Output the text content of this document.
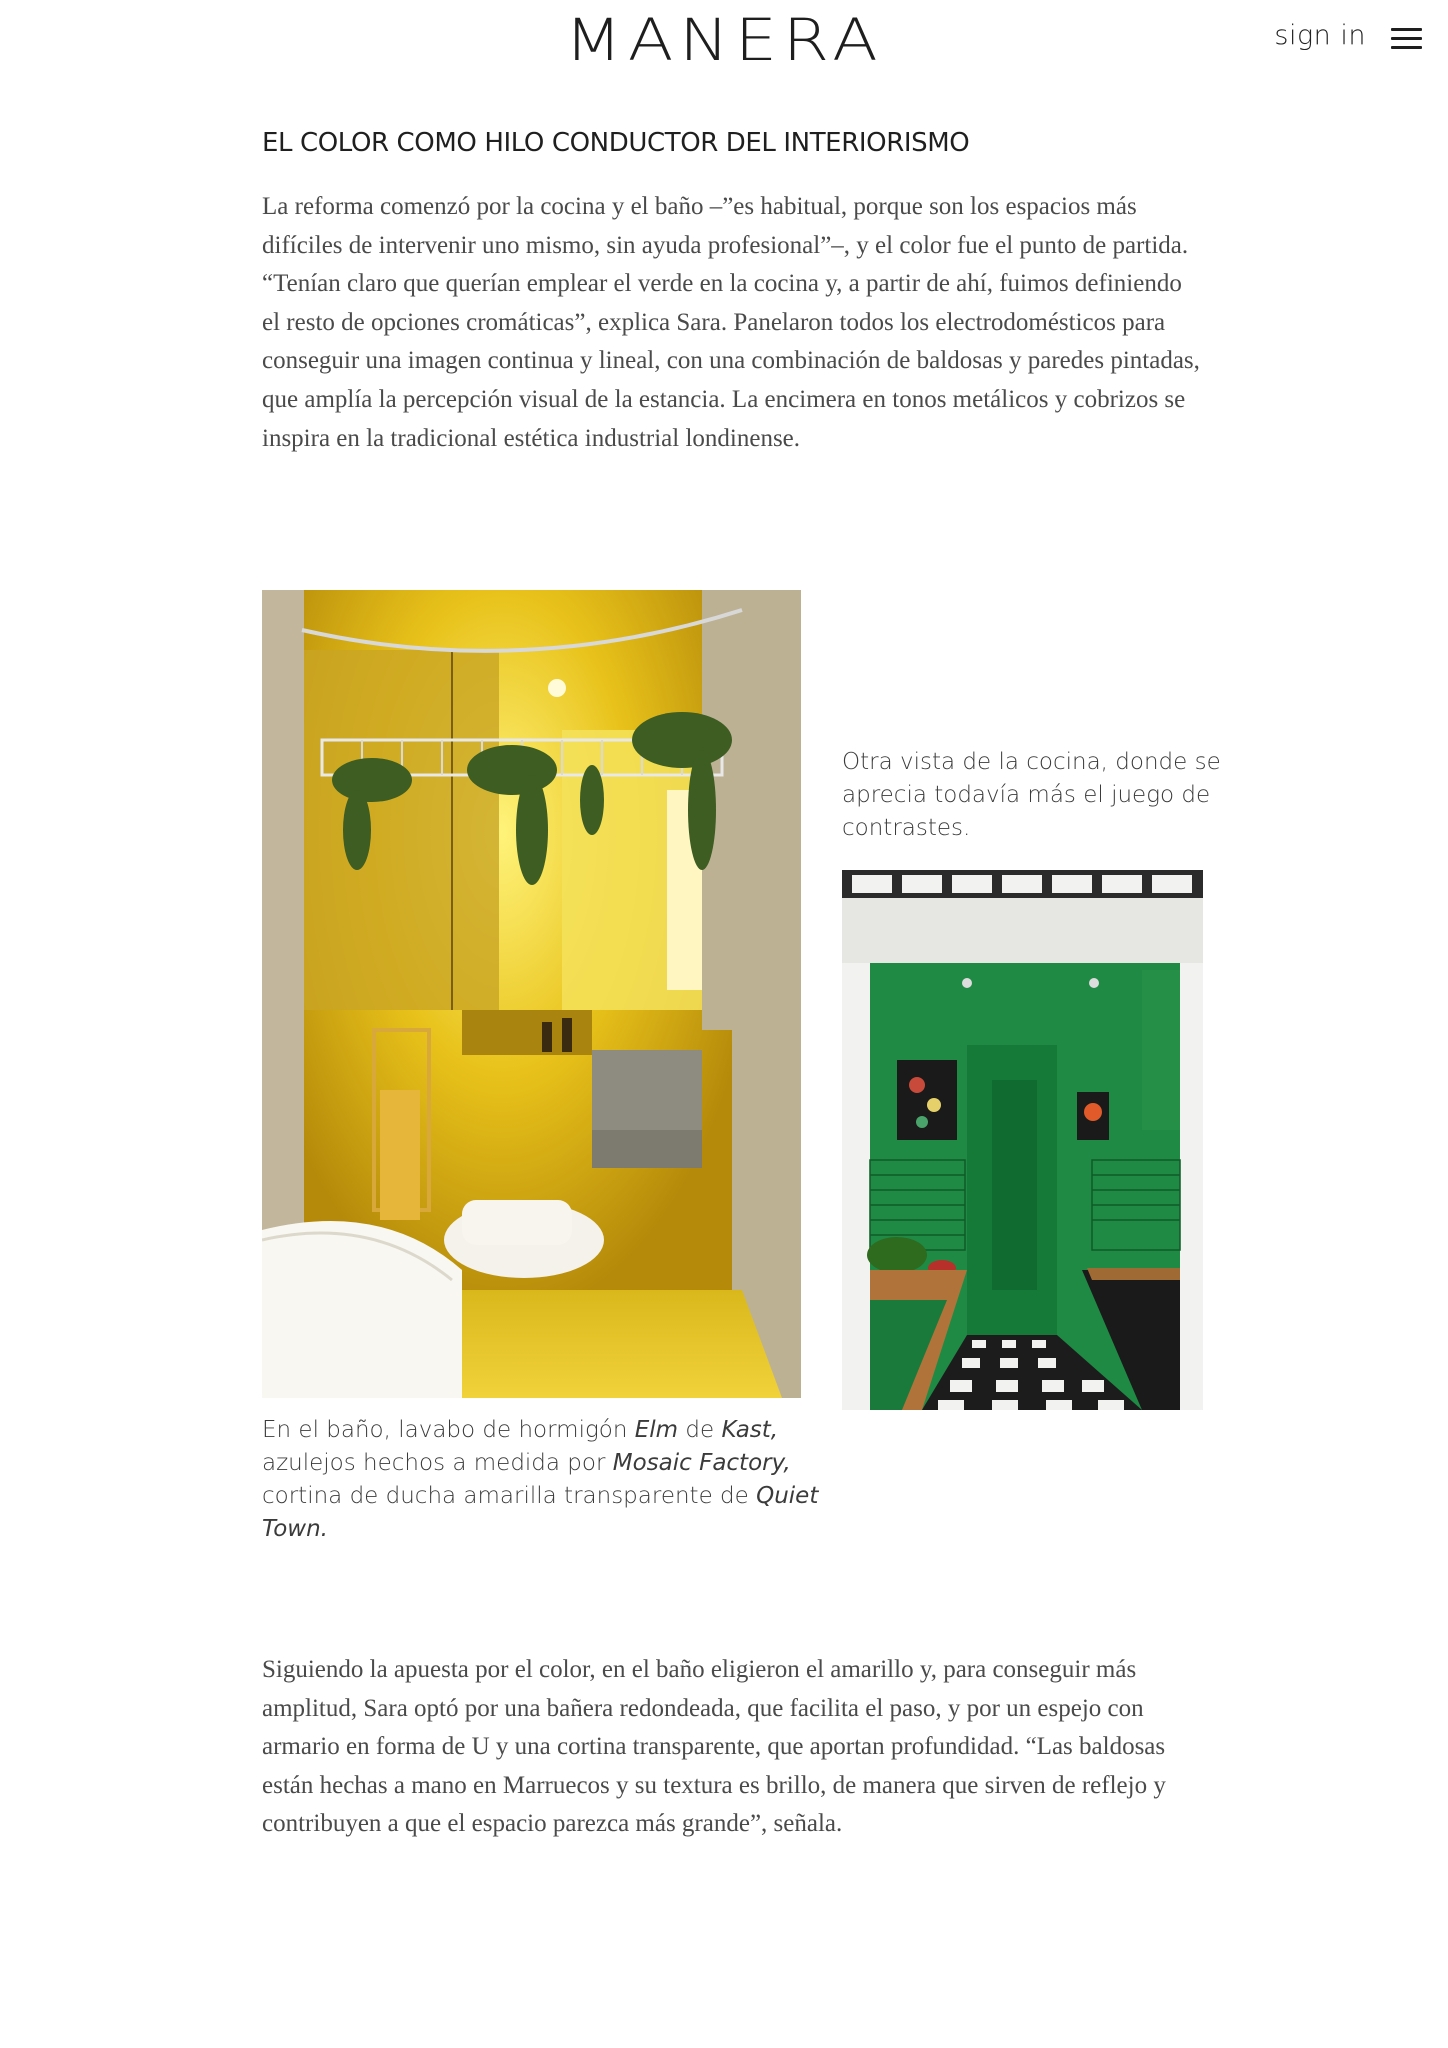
MANERA	sign in
EL COLOR COMO HILO CONDUCTOR DEL INTERIORISMO

La reforma comenzó por la cocina y el baño –”es habitual, porque son los espacios más difíciles de intervenir uno mismo, sin ayuda profesional”–, y el color fue el punto de partida. “Tenían claro que querían emplear el verde en la cocina y, a partir de ahí, fuimos definiendo el resto de opciones cromáticas”, explica Sara. Panelaron todos los electrodomésticos para conseguir una imagen continua y lineal, con una combinación de baldosas y paredes pintadas, que amplía la percepción visual de la estancia. La encimera en tonos metálicos y cobrizos se inspira en la tradicional estética industrial londinense.

Otra vista de la cocina, donde se aprecia todavía más el juego de contrastes.

En el baño, lavabo de hormigón Elm de Kast, azulejos hechos a medida por Mosaic Factory, cortina de ducha amarilla transparente de Quiet Town.

Siguiendo la apuesta por el color, en el baño eligieron el amarillo y, para conseguir más amplitud, Sara optó por una bañera redondeada, que facilita el paso, y por un espejo con armario en forma de U y una cortina transparente, que aportan profundidad. “Las baldosas están hechas a mano en Marruecos y su textura es brillo, de manera que sirven de reflejo y contribuyen a que el espacio parezca más grande”, señala.
